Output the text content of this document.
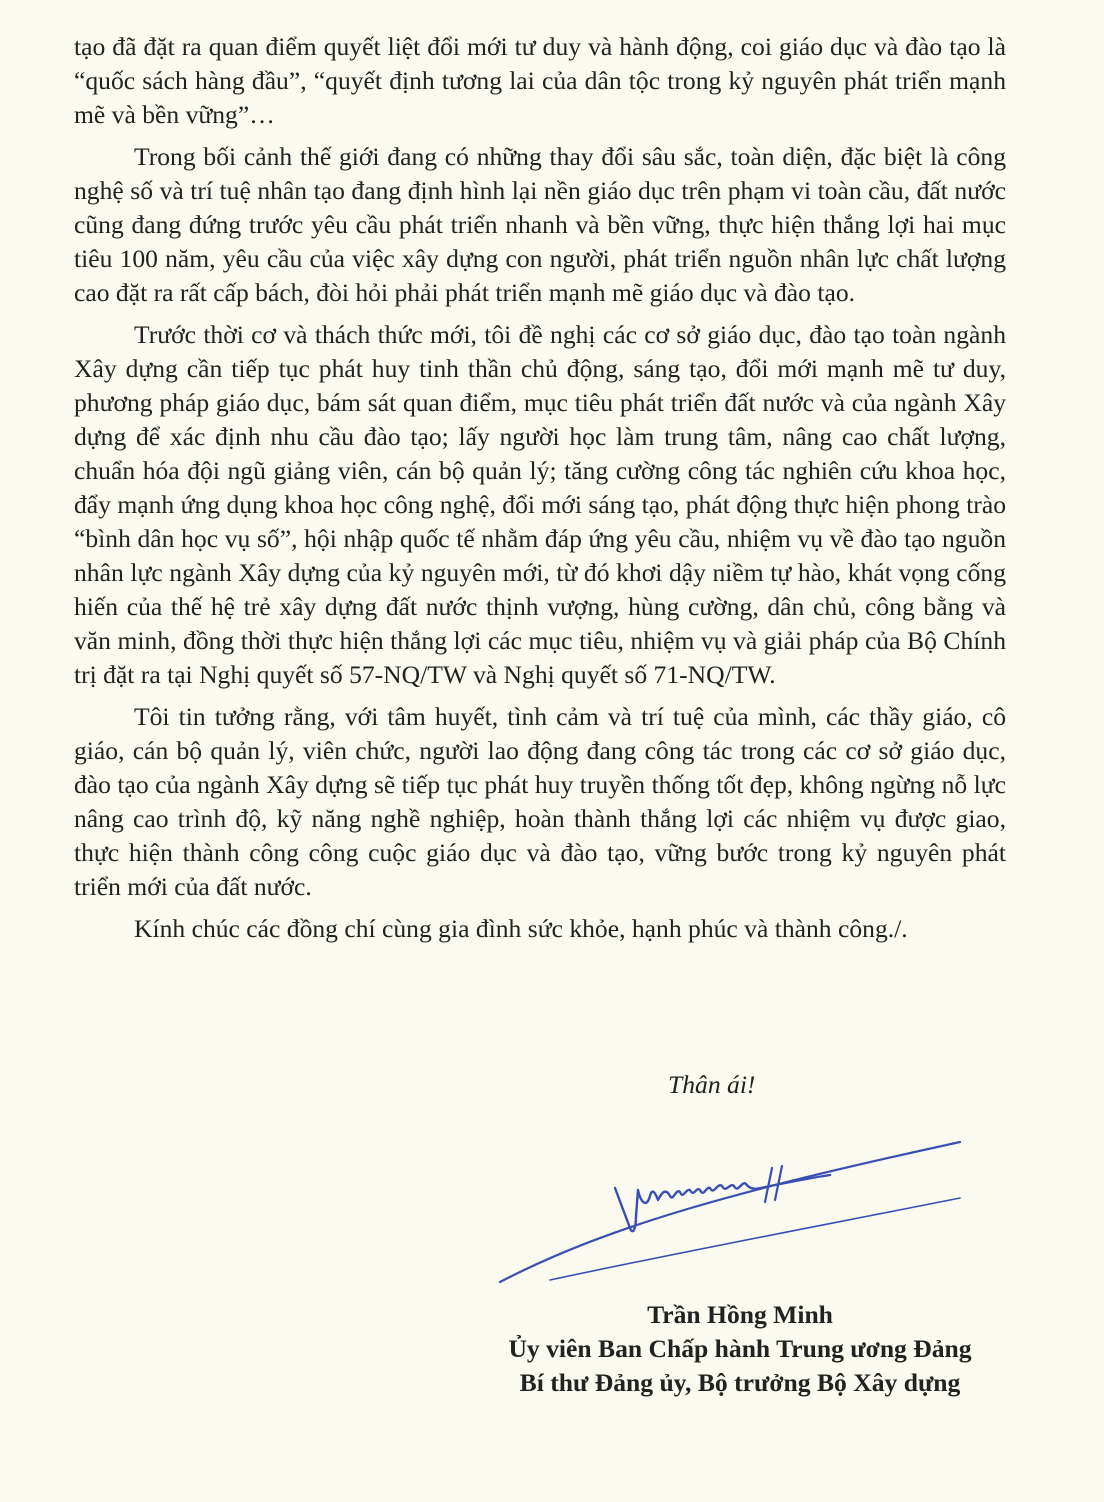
tạo đã đặt ra quan điểm quyết liệt đổi mới tư duy và hành động, coi giáo dục và đào tạo là “quốc sách hàng đầu”, “quyết định tương lai của dân tộc trong kỷ nguyên phát triển mạnh mẽ và bền vững”…

Trong bối cảnh thế giới đang có những thay đổi sâu sắc, toàn diện, đặc biệt là công nghệ số và trí tuệ nhân tạo đang định hình lại nền giáo dục trên phạm vi toàn cầu, đất nước cũng đang đứng trước yêu cầu phát triển nhanh và bền vững, thực hiện thắng lợi hai mục tiêu 100 năm, yêu cầu của việc xây dựng con người, phát triển nguồn nhân lực chất lượng cao đặt ra rất cấp bách, đòi hỏi phải phát triển mạnh mẽ giáo dục và đào tạo.

Trước thời cơ và thách thức mới, tôi đề nghị các cơ sở giáo dục, đào tạo toàn ngành Xây dựng cần tiếp tục phát huy tinh thần chủ động, sáng tạo, đổi mới mạnh mẽ tư duy, phương pháp giáo dục, bám sát quan điểm, mục tiêu phát triển đất nước và của ngành Xây dựng để xác định nhu cầu đào tạo; lấy người học làm trung tâm, nâng cao chất lượng, chuẩn hóa đội ngũ giảng viên, cán bộ quản lý; tăng cường công tác nghiên cứu khoa học, đẩy mạnh ứng dụng khoa học công nghệ, đổi mới sáng tạo, phát động thực hiện phong trào “bình dân học vụ số”, hội nhập quốc tế nhằm đáp ứng yêu cầu, nhiệm vụ về đào tạo nguồn nhân lực ngành Xây dựng của kỷ nguyên mới, từ đó khơi dậy niềm tự hào, khát vọng cống hiến của thế hệ trẻ xây dựng đất nước thịnh vượng, hùng cường, dân chủ, công bằng và văn minh, đồng thời thực hiện thắng lợi các mục tiêu, nhiệm vụ và giải pháp của Bộ Chính trị đặt ra tại Nghị quyết số 57-NQ/TW và Nghị quyết số 71-NQ/TW.

Tôi tin tưởng rằng, với tâm huyết, tình cảm và trí tuệ của mình, các thầy giáo, cô giáo, cán bộ quản lý, viên chức, người lao động đang công tác trong các cơ sở giáo dục, đào tạo của ngành Xây dựng sẽ tiếp tục phát huy truyền thống tốt đẹp, không ngừng nỗ lực nâng cao trình độ, kỹ năng nghề nghiệp, hoàn thành thắng lợi các nhiệm vụ được giao, thực hiện thành công công cuộc giáo dục và đào tạo, vững bước trong kỷ nguyên phát triển mới của đất nước.

Kính chúc các đồng chí cùng gia đình sức khỏe, hạnh phúc và thành công./.

Thân ái!
Trần Hồng Minh
Ủy viên Ban Chấp hành Trung ương Đảng
Bí thư Đảng ủy, Bộ trưởng Bộ Xây dựng
